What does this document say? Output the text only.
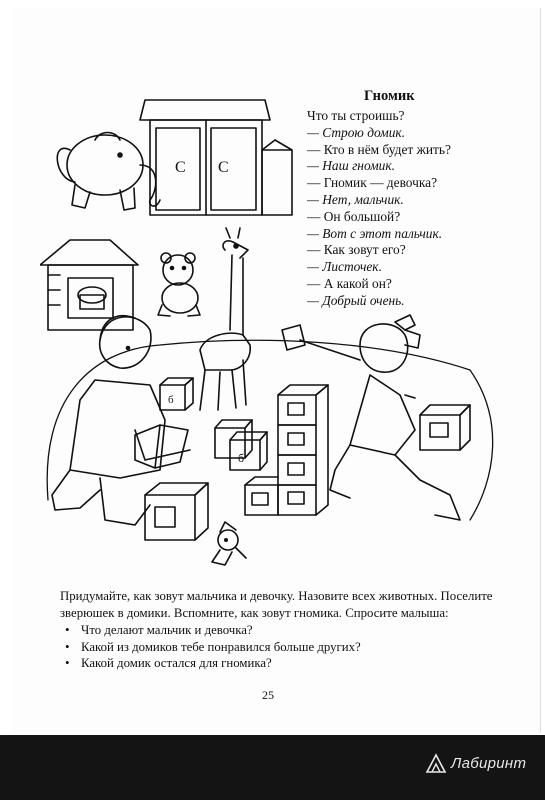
С С
б
б
Гномик
Что ты строишь?
— Строю домик.
— Кто в нём будет жить?
— Наш гномик.
— Гномик — девочка?
— Нет, мальчик.
— Он большой?
— Вот с этот пальчик.
— Как зовут его?
— Листочек.
— А какой он?
— Добрый очень.

Придумайте, как зовут мальчика и девочку. Назовите всех животных. Поселите зверюшек в домики. Вспомните, как зовут гномика. Спросите малыша:

• Что делают мальчик и девочка?
• Какой из домиков тебе понравился больше других?
• Какой домик остался для гномика?
25
Лабиринт
